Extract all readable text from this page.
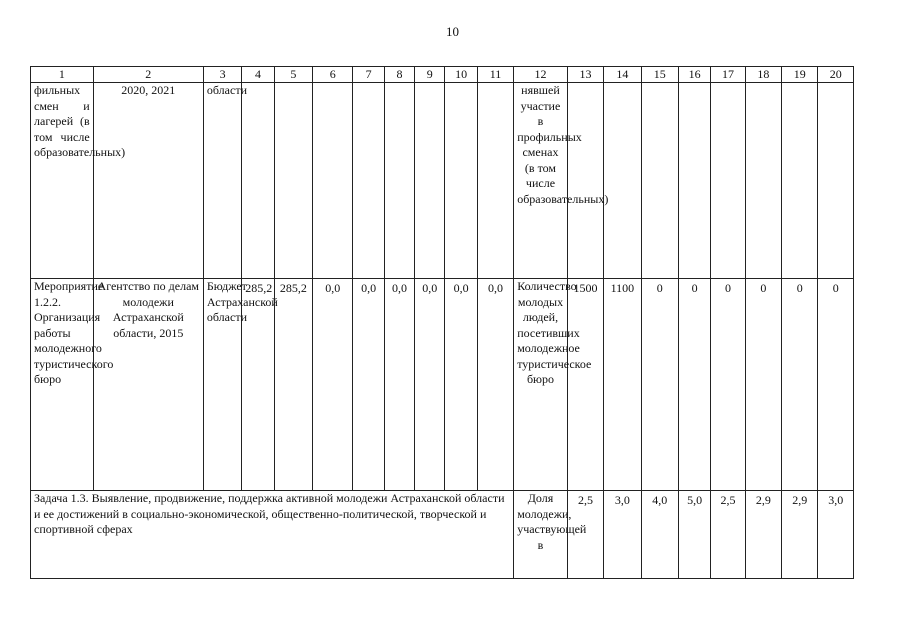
10
1	2	3	4	5	6	7	8	9	10	11	12	13	14	15	16	17	18	19	20
фильных смен и лагерей (в том числе образовательных)	2020, 2021	области									нявшей участие в профильных сменах (в том числе образовательных)								
Мероприятие 1.2.2. Организация работы молодежного туристического бюро	Агентство по делам молодежи Астраханской области, 2015	Бюджет Астраханской области	285,2	285,2	0,0	0,0	0,0	0,0	0,0	0,0	Количество молодых людей, посетивших молодежное туристическое бюро	1500	1100	0	0	0	0	0	0
Задача 1.3. Выявление, продвижение, поддержка активной молодежи Астраханской области и ее достижений в социально-экономической, общественно-политической, творческой и спортивной сферах											Доля молодежи, участвующей в	2,5	3,0	4,0	5,0	2,5	2,9	2,9	3,0
